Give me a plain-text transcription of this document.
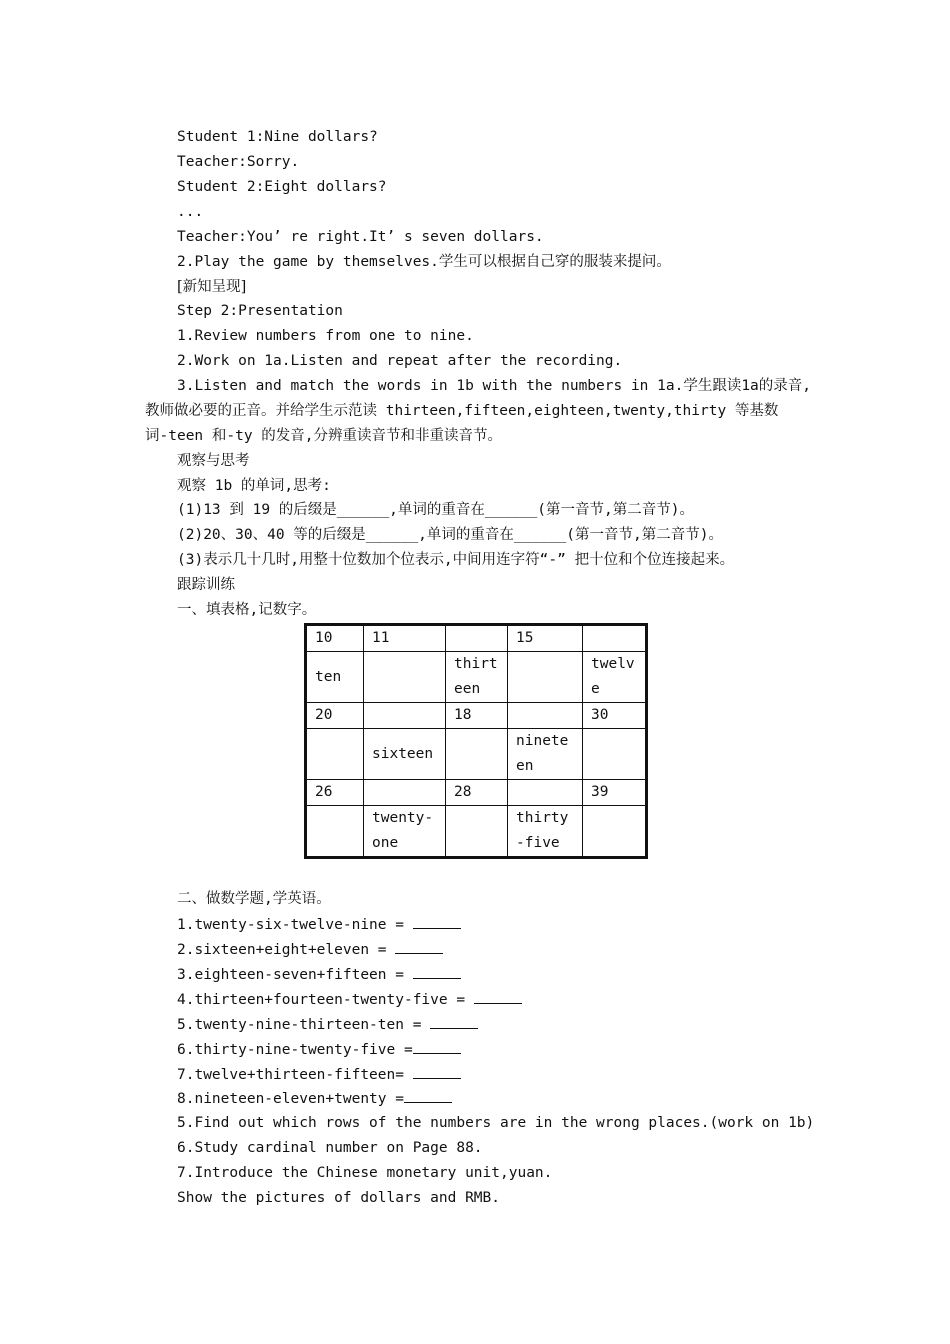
Student 1:Nine dollars?
Teacher:Sorry.
Student 2:Eight dollars?
...
Teacher:You’ re right.It’ s seven dollars.
2.Play the game by themselves.学生可以根据自己穿的服装来提问。
[新知呈现]
Step 2:Presentation
1.Review numbers from one to nine.
2.Work on 1a.Listen and repeat after the recording.
3.Listen and match the words in 1b with the numbers in 1a.学生跟读1a的录音,
教师做必要的正音。并给学生示范读 thirteen,fifteen,eighteen,twenty,thirty 等基数
词-teen 和-ty 的发音,分辨重读音节和非重读音节。
观察与思考
观察 1b 的单词,思考:
(1)13 到 19 的后缀是______,单词的重音在______(第一音节,第二音节)。
(2)20、30、40 等的后缀是______,单词的重音在______(第一音节,第二音节)。
(3)表示几十几时,用整十位数加个位表示,中间用连字符“-” 把十位和个位连接起来。
跟踪训练
一、填表格,记数字。
10	11		15	
ten		thirteen		twelve
20		18		30
	sixteen		nineteen	
26		28		39
	twenty-one		thirty-five	
二、做数学题,学英语。
1.twenty-six-twelve-nine =
2.sixteen+eight+eleven =
3.eighteen-seven+fifteen =
4.thirteen+fourteen-twenty-five =
5.twenty-nine-thirteen-ten =
6.thirty-nine-twenty-five =
7.twelve+thirteen-fifteen=
8.nineteen-eleven+twenty =
5.Find out which rows of the numbers are in the wrong places.(work on 1b)
6.Study cardinal number on Page 88.
7.Introduce the Chinese monetary unit,yuan.
Show the pictures of dollars and RMB.
